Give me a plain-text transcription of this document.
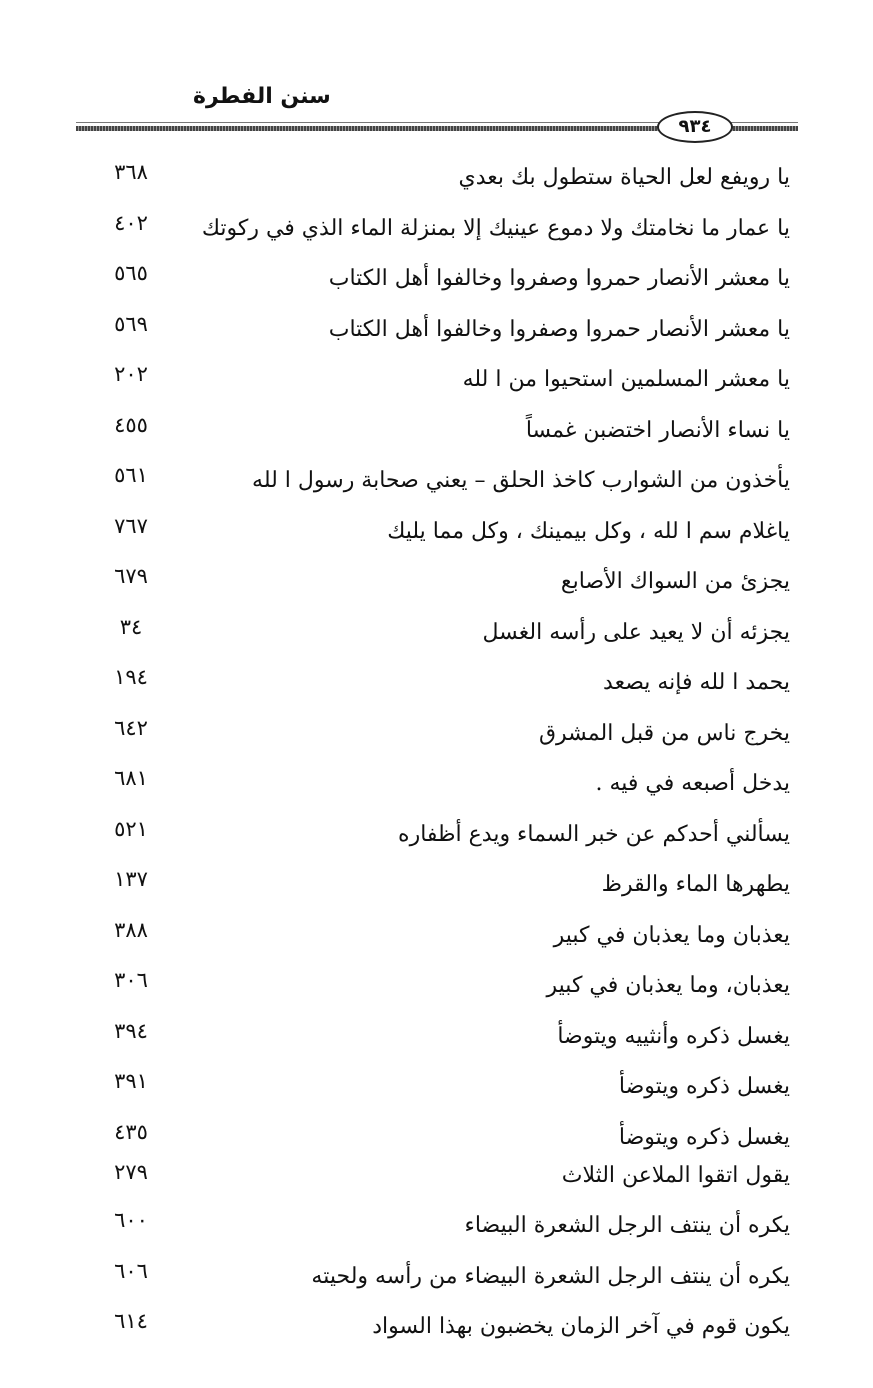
سنن الفطرة
٩٣٤
يا رويفع لعل الحياة ستطول بك بعدي
٣٦٨
يا عمار ما نخامتك ولا دموع عينيك إلا بمنزلة الماء الذي في ركوتك
٤٠٢
يا معشر الأنصار حمروا وصفروا وخالفوا أهل الكتاب
٥٦٥
يا معشر الأنصار حمروا وصفروا وخالفوا أهل الكتاب
٥٦٩
يا معشر المسلمين استحيوا من ا لله
٢٠٢
يا نساء الأنصار اختضبن غمساً
٤٥٥
يأخذون من الشوارب كاخذ الحلق – يعني صحابة رسول ا لله
٥٦١
ياغلام سم ا لله ، وكل بيمينك ، وكل مما يليك
٧٦٧
يجزئ من السواك الأصابع
٦٧٩
يجزئه أن لا يعيد على رأسه الغسل
٣٤
يحمد ا لله فإنه يصعد
١٩٤
يخرج ناس من قبل المشرق
٦٤٢
يدخل أصبعه في فيه .
٦٨١
يسألني أحدكم عن خبر السماء ويدع أظفاره
٥٢١
يطهرها الماء والقرظ
١٣٧
يعذبان وما يعذبان في كبير
٣٨٨
يعذبان، وما يعذبان في كبير
٣٠٦
يغسل ذكره وأنثييه ويتوضأ
٣٩٤
يغسل ذكره ويتوضأ
٣٩١
يغسل ذكره ويتوضأ
٤٣٥
يقول اتقوا الملاعن الثلاث
٢٧٩
يكره أن ينتف الرجل الشعرة البيضاء
٦٠٠
يكره أن ينتف الرجل الشعرة البيضاء من رأسه ولحيته
٦٠٦
يكون قوم في آخر الزمان يخضبون بهذا السواد
٦١٤
